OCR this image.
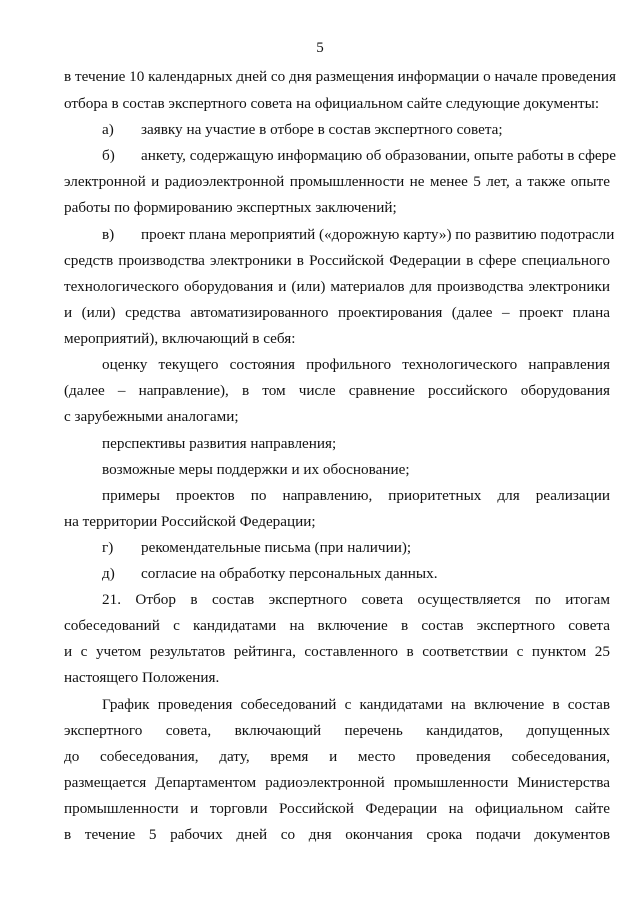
5
в течение 10 календарных дней со дня размещения информации о начале проведения
отбора в состав экспертного совета на официальном сайте следующие документы:
а) заявку на участие в отборе в состав экспертного совета;
б) анкету, содержащую информацию об образовании, опыте работы в сфере
электронной и радиоэлектронной промышленности не менее 5 лет, а также опыте
работы по формированию экспертных заключений;
в) проект плана мероприятий («дорожную карту») по развитию подотрасли
средств производства электроники в Российской Федерации в сфере специального
технологического оборудования и (или) материалов для производства электроники
и (или) средства автоматизированного проектирования (далее – проект плана
мероприятий), включающий в себя:
оценку текущего состояния профильного технологического направления
(далее – направление), в том числе сравнение российского оборудования
с зарубежными аналогами;
перспективы развития направления;
возможные меры поддержки и их обоснование;
примеры проектов по направлению, приоритетных для реализации
на территории Российской Федерации;
г) рекомендательные письма (при наличии);
д) согласие на обработку персональных данных.
21. Отбор в состав экспертного совета осуществляется по итогам
собеседований с кандидатами на включение в состав экспертного совета
и с учетом результатов рейтинга, составленного в соответствии с пунктом 25
настоящего Положения.
График проведения собеседований с кандидатами на включение в состав
экспертного совета, включающий перечень кандидатов, допущенных
до собеседования, дату, время и место проведения собеседования,
размещается Департаментом радиоэлектронной промышленности Министерства
промышленности и торговли Российской Федерации на официальном сайте
в течение 5 рабочих дней со дня окончания срока подачи документов
